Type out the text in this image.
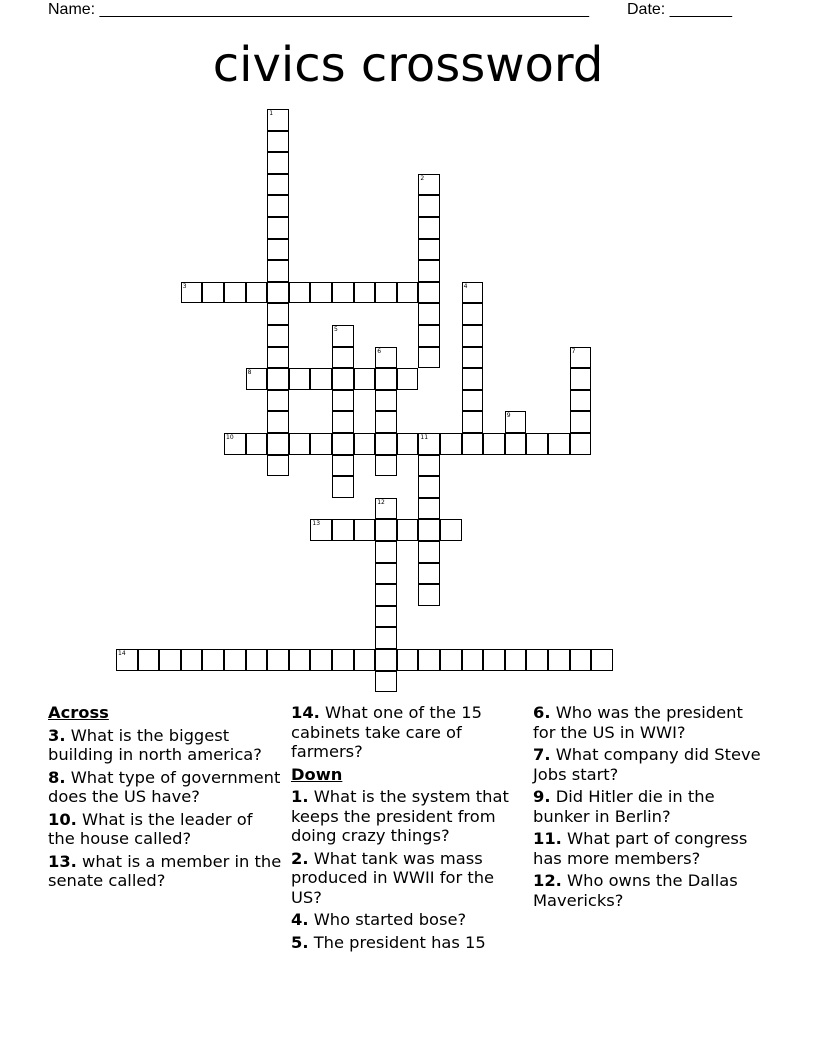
Name: _______________________________________________________ Date: _______
civics crossword
1
2
3	4
5
6	7
8
9
10	11
12
13
14
Across
3. What is the biggest building in north america?
8. What type of government does the US have?
10. What is the leader of the house called?
13. what is a member in the senate called?
14. What one of the 15 cabinets take care of farmers?
Down
1. What is the system that keeps the president from doing crazy things?
2. What tank was mass produced in WWII for the US?
4. Who started bose?
5. The president has 15
6. Who was the president for the US in WWI?
7. What company did Steve Jobs start?
9. Did Hitler die in the bunker in Berlin?
11. What part of congress has more members?
12. Who owns the Dallas Mavericks?
